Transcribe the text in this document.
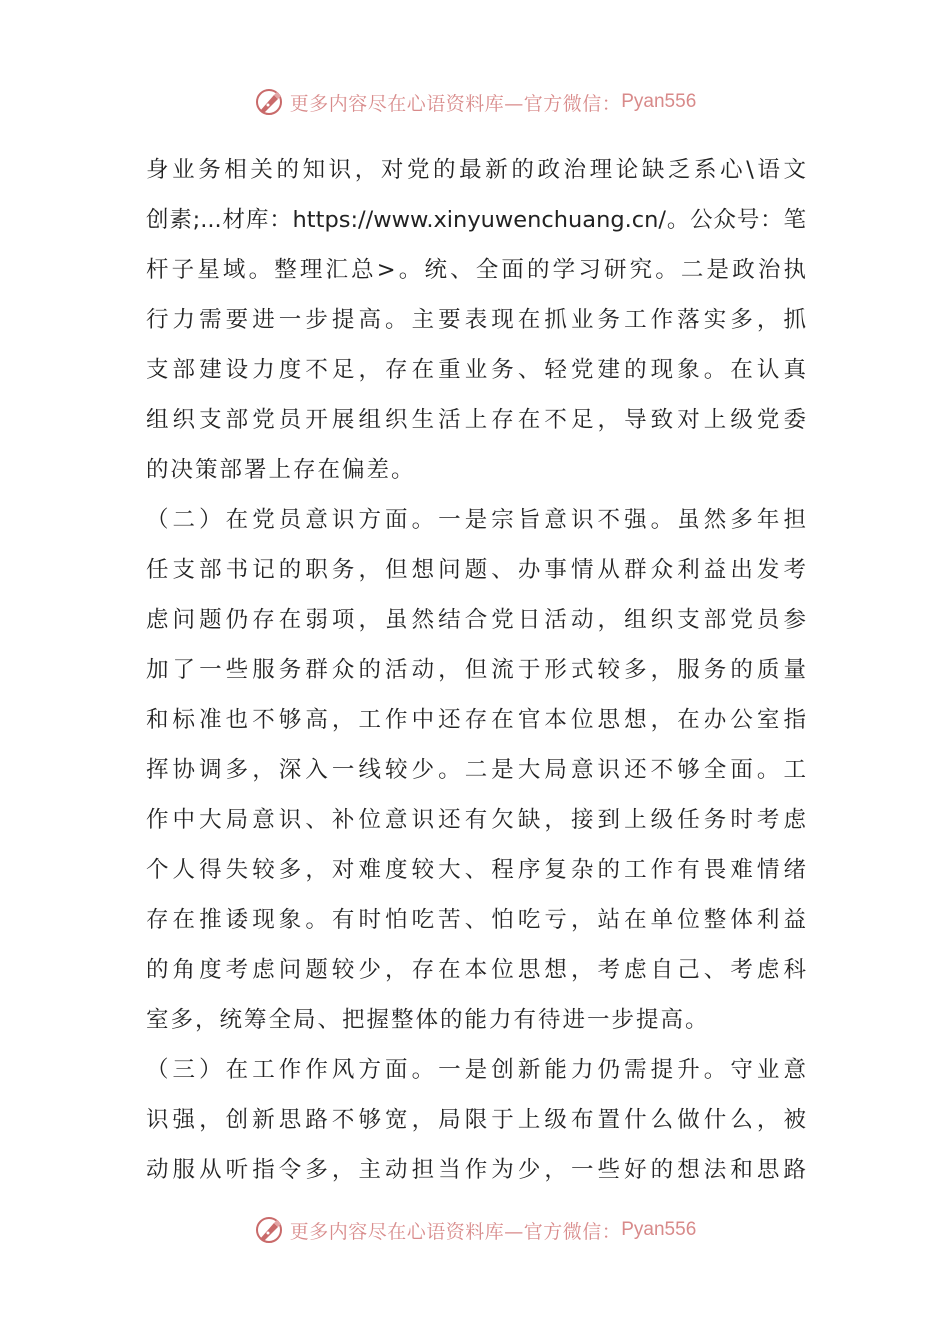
更多内容尽在心语资料库—官方微信： Pyan556
身业务相关的知识，对党的最新的政治理论缺乏系心\语文
创素;...材库：https://www.xinyuwenchuang.cn/。公众号：笔
杆子星域。整理汇总>。统、全面的学习研究。二是政治执
行力需要进一步提高。主要表现在抓业务工作落实多，抓
支部建设力度不足，存在重业务、轻党建的现象。在认真
组织支部党员开展组织生活上存在不足，导致对上级党委
的决策部署上存在偏差。
（二）在党员意识方面。一是宗旨意识不强。虽然多年担
任支部书记的职务，但想问题、办事情从群众利益出发考
虑问题仍存在弱项，虽然结合党日活动，组织支部党员参
加了一些服务群众的活动，但流于形式较多，服务的质量
和标准也不够高，工作中还存在官本位思想，在办公室指
挥协调多，深入一线较少。二是大局意识还不够全面。工
作中大局意识、补位意识还有欠缺，接到上级任务时考虑
个人得失较多，对难度较大、程序复杂的工作有畏难情绪
存在推诿现象。有时怕吃苦、怕吃亏，站在单位整体利益
的角度考虑问题较少，存在本位思想，考虑自己、考虑科
室多，统筹全局、把握整体的能力有待进一步提高。
（三）在工作作风方面。一是创新能力仍需提升。守业意
识强，创新思路不够宽，局限于上级布置什么做什么，被
动服从听指令多，主动担当作为少，一些好的想法和思路
更多内容尽在心语资料库—官方微信： Pyan556
